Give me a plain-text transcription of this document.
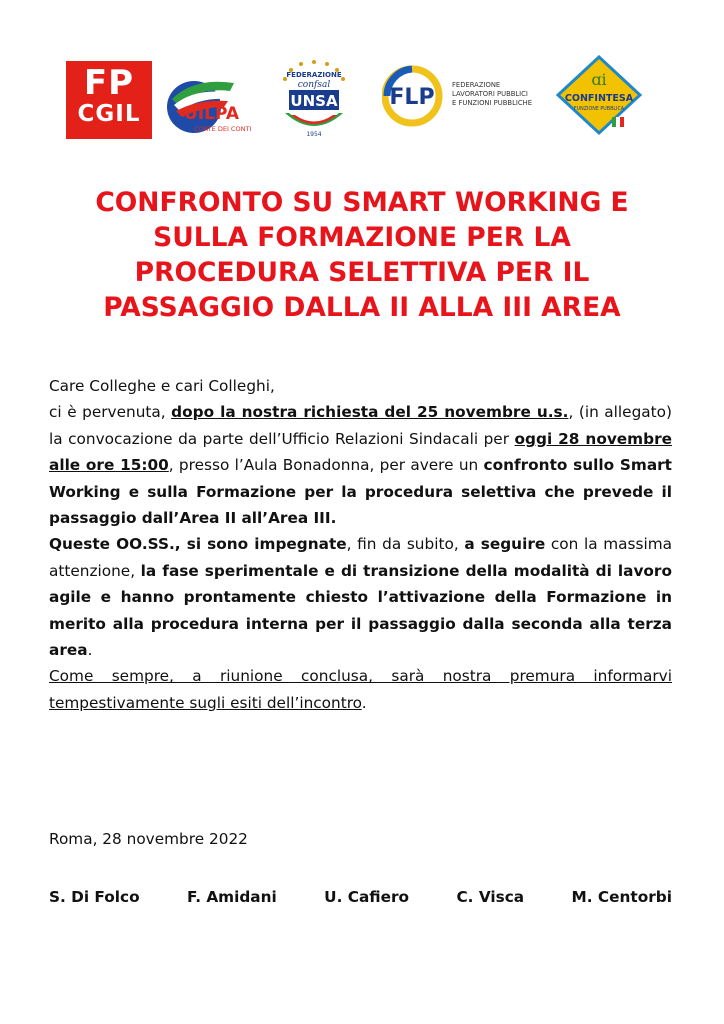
FP
CGIL	UILPA
CORTE DEI CONTI
FEDERAZIONE
confsal
UNSA
1954
FLP	FEDERAZIONE
LAVORATORI PUBBLICI
E FUNZIONI PUBBLICHE
ɑi
CONFINTESA
FUNZIONE PUBBLICA
CONFRONTO SU SMART WORKING E
SULLA FORMAZIONE PER LA
PROCEDURA SELETTIVA PER IL
PASSAGGIO DALLA II ALLA III AREA

Care Colleghe e cari Colleghi,

ci è pervenuta, dopo la nostra richiesta del 25 novembre u.s., (in allegato) la convocazione da parte dell’Ufficio Relazioni Sindacali per oggi 28 novembre alle ore 15:00, presso l’Aula Bonadonna, per avere un confronto sullo Smart Working e sulla Formazione per la procedura selettiva che prevede il passaggio dall’Area II all’Area III.

Queste OO.SS., si sono impegnate, fin da subito, a seguire con la massima attenzione, la fase sperimentale e di transizione della modalità di lavoro agile e hanno prontamente chiesto l’attivazione della Formazione in merito alla procedura interna per il passaggio dalla seconda alla terza area.

Come sempre, a riunione conclusa, sarà nostra premura informarvi tempestivamente sugli esiti dell’incontro.

Roma, 28 novembre 2022

S. Di Folco	F. Amidani	U. Cafiero	C. Visca	M. Centorbi
